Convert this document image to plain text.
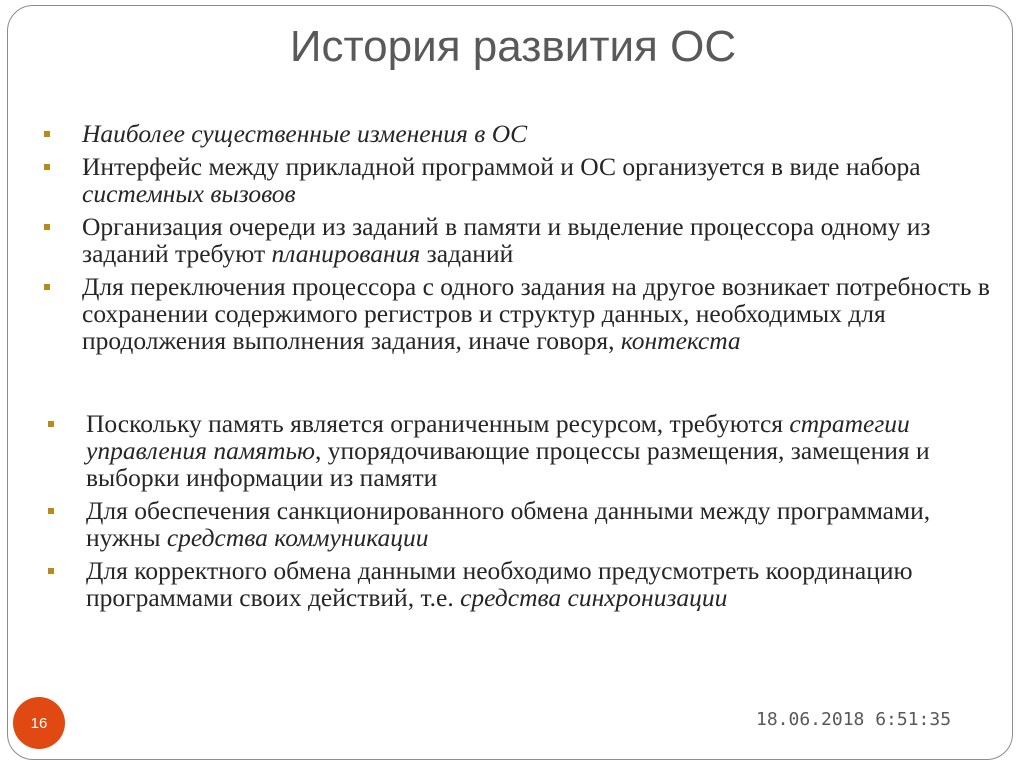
История развития ОС
Наиболее существенные изменения в ОС
Интерфейс между прикладной программой и ОС организуется в виде набора системных вызовов
Организация очереди из заданий в памяти и выделение процессора одному из заданий требуют планирования заданий
Для переключения процессора с одного задания на другое возникает потребность в сохранении содержимого регистров и структур данных, необходимых для продолжения выполнения задания, иначе говоря, контекста
Поскольку память является ограниченным ресурсом, требуются стратегии управления памятью, упорядочивающие процессы размещения, замещения и выборки информации из памяти
Для обеспечения санкционированного обмена данными между программами, нужны средства коммуникации
Для корректного обмена данными необходимо предусмотреть координацию программами своих действий, т.е. средства синхронизации
16	18.06.2018 6:51:35
